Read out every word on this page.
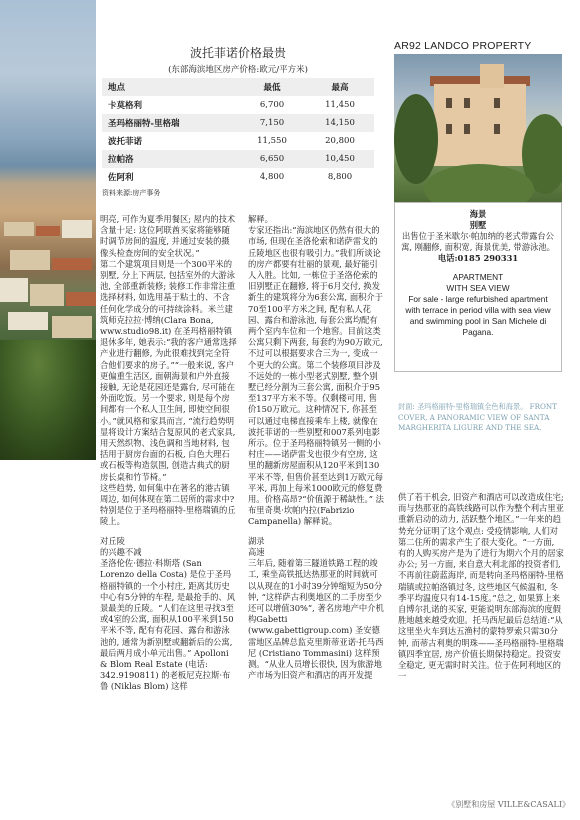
波托菲诺价格最贵
(东部海滨地区房产价格:欧元/平方米)
地点	最低	最高
卡莫格利	6,700	11,450
圣玛格丽特-里格瑞	7,150	14,150
波托菲诺	11,550	20,800
拉帕洛	6,650	10,450
佐阿利	4,800	8,800
资料来源:房产事务

明亮, 可作为夏季用餐区; 屋内的技术含量十足: 这位阿联酋买家将能够随时调节房间的温度, 并通过安装的摄像头检查房间的安全状况。”

第二个建筑项目则是一个300平米的别墅, 分上下两层, 包括室外的大游泳池, 全部重新装修; 装修工作非常注重选择材料, 如选用基于粘土的、不含任何化学成分的可持续涂料。米兰建筑师克拉拉·博纳(Clara Bona, www.studio98.it) 在圣玛格丽特镇退休多年, 她表示:“我的客户通常选择产业进行翻修, 为此很难找到完全符合他们要求的房子。”“一般来说, 客户更偏重生活区, 面朝海景和户外直接接触, 无论是花园还是露台, 尽可能在外面吃饭。另一个要求, 则是每个房间都有一个私人卫生间, 即使空间很小。”就风格和家具而言, “流行趋势明显将设计方案结合复原风的老式家具, 用天然织物、浅色调和当地材料, 包括用于厨房台面的石板, 白色大理石或石板等构造氛围, 创造古典式的厨房长桌和竹节椅。”

这些趋势, 如何集中在著名的港古镇周边, 如何体现在第二居所的需求中? 特别是位于圣玛格丽特-里格瑞镇的丘陵上。

对丘陵
的兴趣不减

圣洛伦佐·德拉·科斯塔 (San Lorenzo della Costa) 是位于圣玛格丽特镇的一个小村庄, 距离其历史中心有5分钟的车程, 是最抢手的、风景最美的丘陵。“人们在这里寻找3至或4室的公寓, 面积从100平米到150平米不等, 配有有花园、露台和游泳池的, 通常为新别墅或翻新后的公寓, 最后两月成小单元出售。” Apolloni & Blom Real Estate (电话: 342.9190811) 的老板尼克拉斯·布鲁 (Niklas Blom) 这样

解释。

专家还指出:“海滨地区仍然有很大的市场, 但现在圣洛伦索和诺萨雷戈的丘陵地区也很有吸引力。”我们所谈论的房产都要有壮丽的景观, 最好能引人入胜。比如, 一栋位于圣洛伦索的旧别墅正在翻修, 将于6月交付, 换发新生的建筑将分为6套公寓, 面积介于70至100平方米之间, 配有私人花园、露台和游泳池, 每套公寓均配有两个室内车位和一个地窖。目前这类公寓只剩下两套, 每套约为90万欧元, 不过可以根据要求合三为一, 变成一个更大的公寓。第二个装修项目涉及不远处的一栋小型老式别墅, 整个别墅已经分割为三套公寓, 面积介于95至137平方米不等。仅剩楼可用, 售价150万欧元。这种情况下, 你甚至可以通过电梯直接乘车上楼, 就像在波托菲诺的一些别墅和007系列电影所示。位于圣玛格丽特镇另一侧的小村庄——诺萨雷戈也很少有空房, 这里的翻新房屋面积从120平米到130平米不等, 但售价甚至达到1万欧元每平米, 再加上每米1000欧元的修复费用。价格高昂?“价值源于稀缺性。” 法布里奇奥·坎帕内拉(Fabrizio Campanella) 解释说。

湖录
高速

三年后, 随着第三隧道铁路工程的竣工, 乘坐高铁抵达热那亚的时间就可以从现在的1小时39分钟缩短为50分钟, “这样萨古利奥地区的二手房至少还可以增值30%”, 著名房地产中介机构Gabetti (www.gabettigroup.com) 圣安德雷地区品牌总监克里斯蒂亚诺·托马西尼 (Cristiano Tommasini) 这样预测。“从业人员增长很快, 因为旅游地产市场为旧资产和酒店的再开发提

AR92 LANDCO PROPERTY
海景
别墅
出售位于圣米歇尔·帕加纳的老式带露台公寓, 刚翻修, 面积宽, 海景优美, 带游泳池。
电话:0185 290331
APARTMENT
WITH SEA VIEW
For sale - large refurbished apartment with terrace in period villa with sea view and swimming pool in San Michele di Pagana.
封面: 圣玛格丽特-里格瑞镇全色和海景。 FRONT COVER, A PANORAMIC VIEW OF SANTA MARGHERITA LIGURE AND THE SEA.

供了若干机会, 旧资产和酒店可以改造成住宅; 而与热那亚的高铁线路可以作为整个利古里亚重新启动的动力, 活跃整个地区。”一年来的趋势充分证明了这个观点: 受疫情影响, 人们对第二住所的需求产生了很大变化。“一方面, 有的人购买房产是为了进行为期六个月的居家办公; 另一方面, 来自意大利北部的投资者们, 不再前往蔚蓝海岸, 而是转向圣玛格丽特-里格瑞镇或拉帕洛镇过冬, 这些地区气候温和, 冬季平均温度只有14-15度。”总之, 如果算上来自博尔扎诺的买家, 更能说明东部海滨的度假胜地越来越受欢迎。托马西尼最后总结道:“从这里坐火车到达五渔村的蒙特罗索只需30分钟, 而蒂古利奥的明珠——圣玛格丽特-里格瑞镇四季宜居, 房产价值长期保持稳定。投资安全稳定, 更无需时时关注。位于佐阿利地区的一

《别墅和房屋 VILLE&CASALI》
